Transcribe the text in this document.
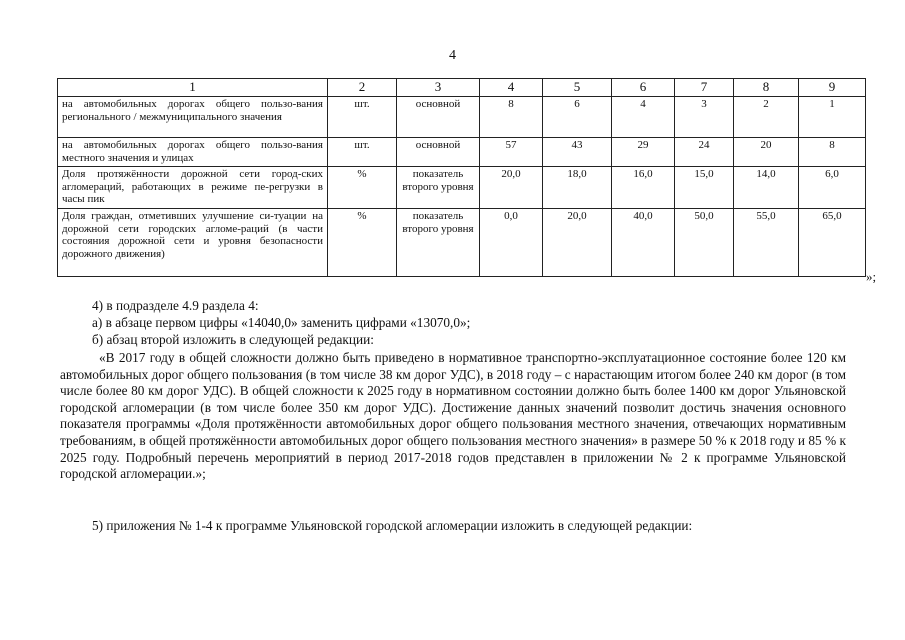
4
1	2	3	4	5	6	7	8	9
на автомобильных дорогах общего пользо-вания регионального / межмуниципального значения	шт.	основной	8	6	4	3	2	1
на автомобильных дорогах общего пользо-вания местного значения и улицах	шт.	основной	57	43	29	24	20	8
Доля протяжённости дорожной сети город-ских агломераций, работающих в режиме пе-регрузки в часы пик	%	показатель второго уровня	20,0	18,0	16,0	15,0	14,0	6,0
Доля граждан, отметивших улучшение си-туации на дорожной сети городских агломе-раций (в части состояния дорожной сети и уровня безопасности дорожного движения)	%	показатель второго уровня	0,0	20,0	40,0	50,0	55,0	65,0
»;

4) в подразделе 4.9 раздела 4:

а) в абзаце первом цифры «14040,0» заменить цифрами «13070,0»;

б) абзац второй изложить в следующей редакции:

«В 2017 году в общей сложности должно быть приведено в нормативное транспортно-эксплуатационное состояние более 120 км автомобильных дорог общего пользования (в том числе 38 км дорог УДС), в 2018 году – с нарастающим итогом более 240 км дорог (в том числе более 80 км дорог УДС). В общей сложности к 2025 году в нормативном состоянии должно быть более 1400 км дорог Ульяновской городской агломерации (в том числе более 350 км дорог УДС). Достижение данных значений позволит достичь значения основного показателя программы «Доля протяжённости автомобильных дорог общего пользования местного значения, отвечающих нормативным требованиям, в общей протяжённости автомобильных дорог общего пользования местного значения» в размере 50 % к 2018 году и 85 % к 2025 году. Подробный перечень мероприятий в период 2017-2018 годов представлен в приложении № 2 к программе Ульяновской городской агломерации.»;

5) приложения № 1-4 к программе Ульяновской городской агломерации изложить в следующей редакции:
